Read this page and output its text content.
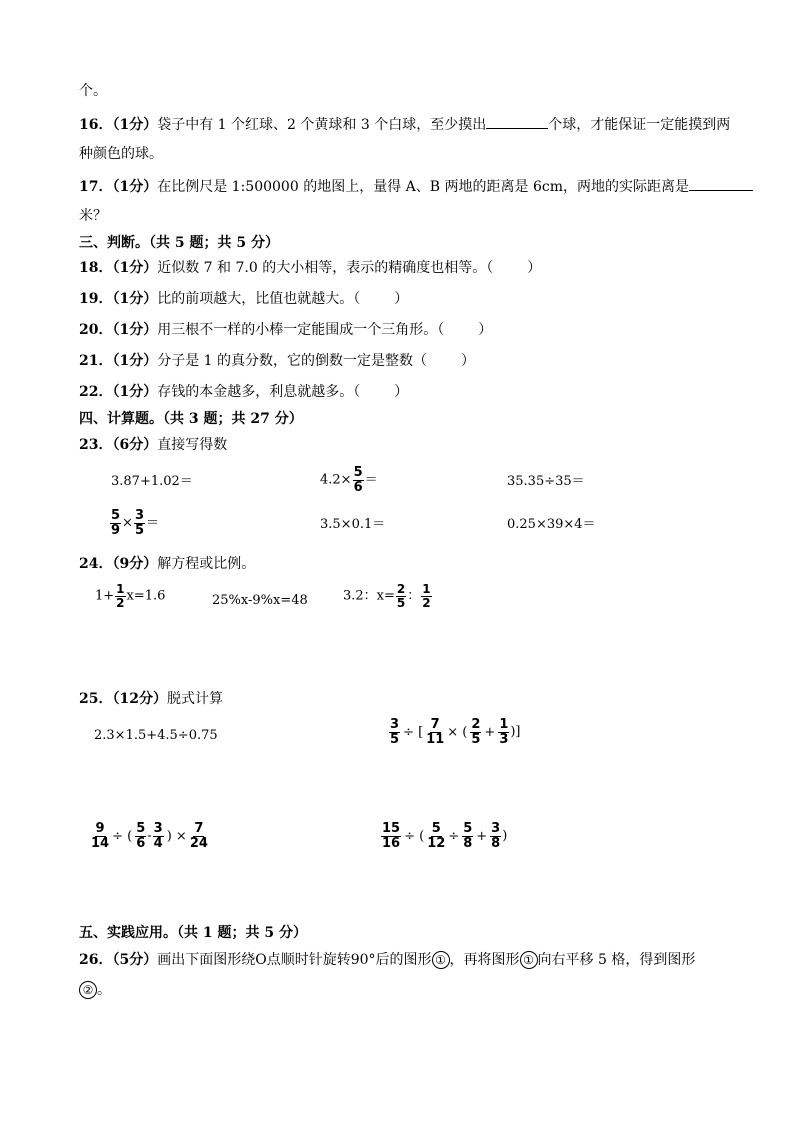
个。
16．（1分）袋子中有 1 个红球、2 个黄球和 3 个白球，至少摸出	个球，才能保证一定能摸到两
种颜色的球。
17．（1分）在比例尺是 1:500000 的地图上，量得 A、B 两地的距离是 6cm，两地的实际距离是
米？
三、判断。（共 5 题；共 5 分）
18．（1分）近似数 7 和 7.0 的大小相等，表示的精确度也相等。（ ）
19．（1分）比的前项越大，比值也就越大。（ ）
20．（1分）用三根不一样的小棒一定能围成一个三角形。（ ）
21．（1分）分子是 1 的真分数，它的倒数一定是整数（ ）
22．（1分）存钱的本金越多，利息就越多。（ ）
四、计算题。（共 3 题；共 27 分）
23．（6分）直接写得数
3.87+1.02＝	$4.2\times \frac{5}{6}$ ＝	35.35÷35＝
$\frac{5}{9} \times \frac{3}{5}$ ＝	3.5×0.1＝	0.25×39×4＝
24．（9分）解方程或比例。
$1+ \frac{1}{2} x=1.6$	25%x-9%x=48	3.2：$x= \frac{2}{5}$ ： $\frac{1}{2}$
25．（12分）脱式计算
2.3×1.5+4.5÷0.75	$\frac{3}{5}$ ÷ [ $\frac{7}{11}$ × ( $\frac{2}{5} + \frac{1}{3}$ )]
$\frac{9}{14}$ ÷ ( $\frac{5}{6} - \frac{3}{4}$ ) × $\frac{7}{24}$	$\frac{15}{16}$ ÷ ( $\frac{5}{12} \div \frac{5}{8} + \frac{3}{8}$ )
五、实践应用。（共 1 题；共 5 分）
26．（5分）画出下面图形绕O点顺时针旋转90°后的图形 ① ，再将图形 ① 向右平移 5 格，得到图形
② 。
